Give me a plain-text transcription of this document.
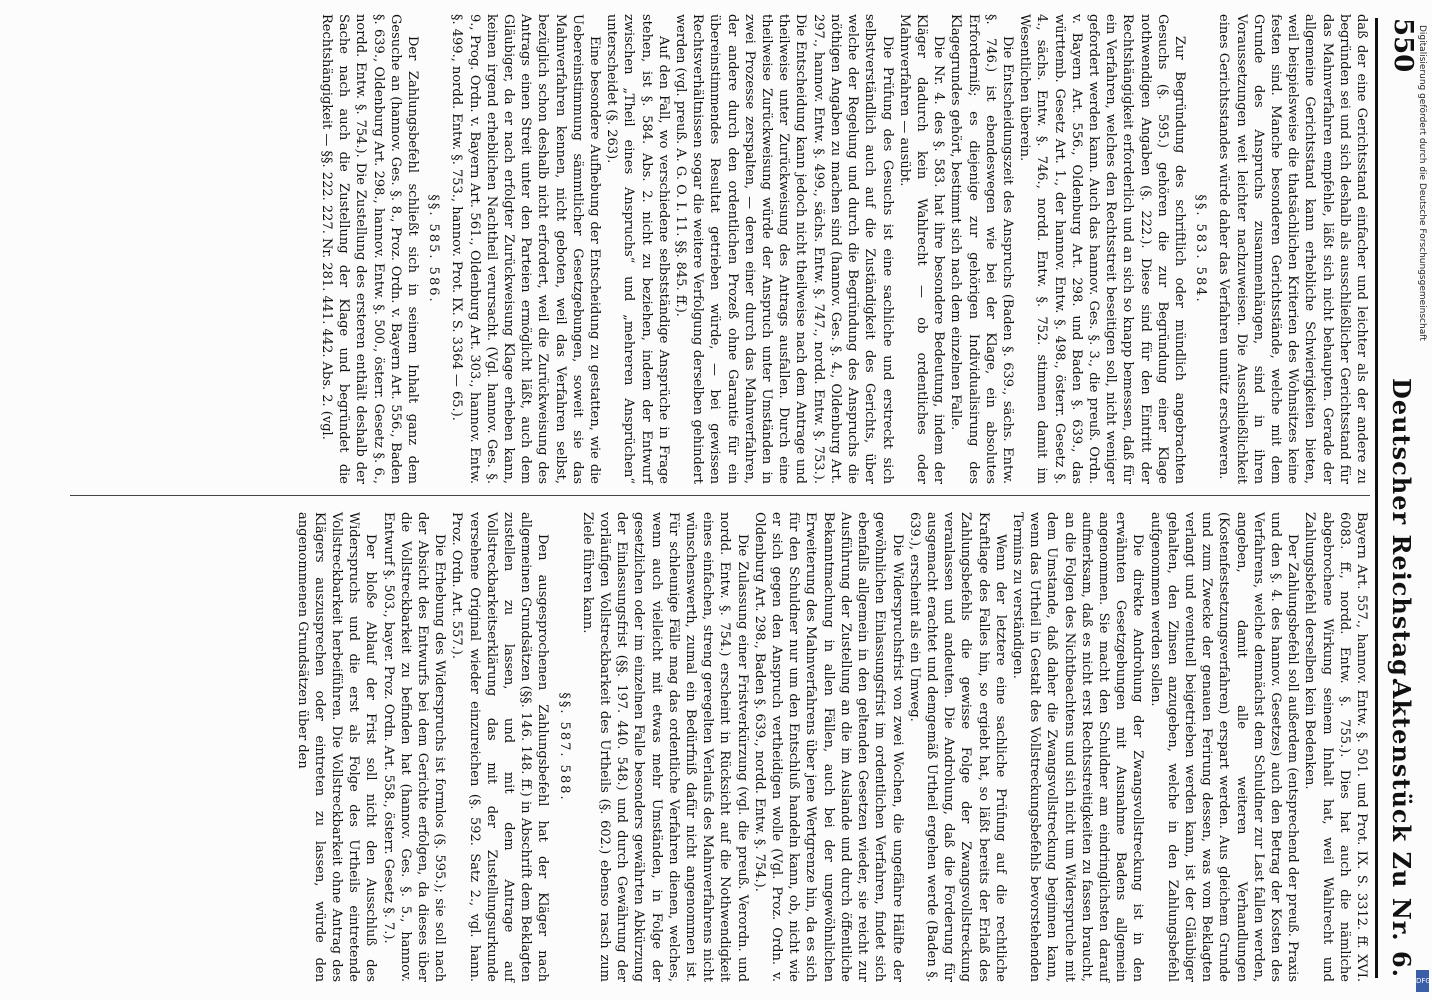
550
Deutscher Reichstag.
Aktenstück Zu Nr. 6.

daß der eine Gerichtsstand einfacher und leichter als der andere zu begründen sei und sich deshalb als ausschließlicher Gerichtsstand für das Mahnverfahren empfehle, läßt sich nicht behaupten. Gerade der allgemeine Gerichtsstand kann erhebliche Schwierigkeiten bieten, weil beispielsweise die thatsächlichen Kriterien des Wohnsitzes keine festen sind. Manche besonderen Gerichtsstände, welche mit dem Grunde des Anspruchs zusammenhängen, sind in ihren Voraussetzungen weit leichter nachzuweisen. Die Ausschließlichkeit eines Gerichtsstandes würde daher das Verfahren unnütz erschweren.

§§. 583. 584.

Zur Begründung des schriftlich oder mündlich angebrachten Gesuchs (§. 595.) gehören die zur Begründung einer Klage nothwendigen Angaben (§. 222.). Diese sind für den Eintritt der Rechtshängigkeit erforderlich und an sich so knapp bemessen, daß für ein Verfahren, welches den Rechtsstreit beseitigen soll, nicht weniger gefordert werden kann. Auch das hannov. Ges. §. 3., die preuß. Ordn. v. Bayern Art. 556., Oldenburg Art. 298. und Baden §. 639., das württemb. Gesetz Art. 1., der hannov. Entw. §. 498., österr. Gesetz §. 4., sächs. Entw. §. 746., nordd. Entw. §. 752. stimmen damit im Wesentlichen überein.

Die Entscheidungszeit des Anspruchs (Baden §. 639., sächs. Entw. §. 746.) ist ebendeswegen wie bei der Klage, ein absolutes Erforderniß; es diejenige zur gehörigen Individualisirung des Klagegrundes gehört, bestimmt sich nach dem einzelnen Falle.

Die Nr. 4. des §. 583. hat ihre besondere Bedeutung, indem der Kläger dadurch kein Wahlrecht — ob ordentliches oder Mahnverfahren — ausübt.

Die Prüfung des Gesuchs ist eine sachliche und erstreckt sich selbstverständlich auch auf die Zuständigkeit des Gerichts, über welche der Regelung und durch die Begründung des Anspruchs die nöthigen Angaben zu machen sind (hannov. Ges. §. 4., Oldenburg Art. 297., hannov. Entw. §. 499., sächs. Entw. §. 747., nordd. Entw. §. 753.). Die Entscheidung kann jedoch nicht theilweise nach dem Antrage und theilweise unter Zurückweisung des Antrags ausfallen. Durch eine theilweise Zurückweisung würde der Anspruch unter Umständen in zwei Prozesse zerspalten, — deren einer durch das Mahnverfahren, der andere durch den ordentlichen Prozeß ohne Garantie für ein übereinstimmendes Resultat getrieben würde, — bei gewissen Rechtsverhältnissen sogar die weitere Verfolgung derselben gehindert werden (vgl. preuß. A. G. O. I. 11. §§. 845. ff.).

Auf den Fall, wo verschiedene selbstständige Ansprüche in Frage stehen, ist §. 584. Abs. 2. nicht zu beziehen, indem der Entwurf zwischen „Theil eines Anspruchs“ und „mehreren Ansprüchen“ unterscheidet (§. 263).

Eine besondere Aufhebung der Entscheidung zu gestatten, wie die Uebereinstimmung sämmtlicher Gesetzgebungen, soweit sie das Mahnverfahren kennen, nicht geboten, weil das Verfahren selbst, bezüglich schon deshalb nicht erfordert, weil die Zurückweisung des Antrags einen Streit unter den Parteien ermöglicht läßt, auch dem Gläubiger, da er nach erfolgter Zurückweisung Klage erheben kann, keinen irgend erheblichen Nachtheil verursacht. (Vgl. hannov. Ges. §. 9., Prog. Ordn. v. Bayern Art. 561., Oldenburg Art. 303., hannov. Entw. §. 499., nordd. Entw. §. 753., hannov. Prot. IX. S. 3364 — 65.).

§§. 585. 586.

Der Zahlungsbefehl schließt sich in seinem Inhalt ganz dem Gesuche an (hannov. Ges. §. 8., Proz. Ordn. v. Bayern Art. 556., Baden §. 639., Oldenburg Art. 298., hannov. Entw. §. 500., österr. Gesetz §. 6., nordd. Entw. §. 754.). Die Zustellung des ersteren enthält deshalb der Sache nach auch die Zustellung der Klage und begründet die Rechtshängigkeit — §§. 222. 227. Nr. 281. 441. 442. Abs. 2. (vgl.

Bayern Art. 557., hannov. Entw. §. 501. und Prot. IX. S. 3312. ff. XVI. 6083. ff., nordd. Entw. §. 755.). Dies hat auch die nämliche abgebrochene Wirkung seinem Inhalt hat, weil Wahlrecht und Zahlungsbefehl derselben kein Bedenken.

Der Zahlungsbefehl soll außerdem (entsprechend der preuß. Praxis und den §. 4. des hannov. Gesetzes) auch den Betrag der Kosten des Verfahrens, welche demnächst dem Schuldner zur Last fallen werden, angeben, damit alle weiteren Verhandlungen (Kostenfestsetzungsverfahren) erspart werden. Aus gleichem Grunde und zum Zwecke der genauen Ferirung dessen, was vom Beklagten verlangt und eventuell beigetrieben werden kann, ist der Gläubiger gehalten, den Zinsen anzugeben, welche in den Zahlungsbefehl aufgenommen werden sollen.

Die direkte Androhung der Zwangsvollstreckung ist in den erwähnten Gesetzgebungen mit Ausnahme Badens allgemein angenommen. Sie macht den Schuldner am eindringlichsten darauf aufmerksam, daß es nicht erst Rechtsstreitigkeiten zu fassen braucht, an die Folgen des Nichtbeachtens und sich nicht um Widerspruche mit dem Umstande, daß daher die Zwangsvollstreckung beginnen kann, wenn das Urtheil in Gestalt des Vollstreckungsbefehls bevorstehenden Termins zu verständigen.

Wenn der letztere eine sachliche Prüfung auf die rechtliche Kraftlage des Falles hin, so ergiebt hat, so läßt bereits der Erlaß des Zahlungsbefehls die gewisse Folge der Zwangsvollstreckung veranlassen und andeuten. Die Androhung, daß die Forderung für ausgemacht erachtet und demgemäß Urtheil ergehen werde (Baden §. 639.), erscheint als ein Umweg.

Die Widerspruchsfrist von zwei Wochen, die ungefähre Hälfte der gewöhnlichen Einlassungsfrist im ordentlichen Verfahren, findet sich ebenfalls allgemein in den geltenden Gesetzen wieder, sie reicht zur Ausführung der Zustellung an die im Auslande und durch öffentliche Bekanntmachung in allen Fällen, auch bei der ungewöhnlichen Erweiterung des Mahnverfahrens über jene Wertgrenze hin, da es sich für den Schuldner nur um den Entschluß handeln kann, ob, nicht wie er sich gegen den Anspruch vertheidigen wolle (Vgl. Proz. Ordn. v. Oldenburg Art. 298., Baden §. 639., nordd. Entw. §. 754.).

Die Zulassung einer Fristverkürzung (vgl. die preuß. Verordn. und nordd. Entw. §. 754.) erscheint in Rücksicht auf die Nothwendigkeit eines einfachen, streng geregelten Verlaufs des Mahnverfahrens nicht wünschenswerth, zumal ein Bedürfniß dafür nicht angenommen ist. Für schleunige Fälle mag das ordentliche Verfahren dienen, welches, wenn auch vielleicht mit etwas mehr Umständen, in Folge der gesetzlichen oder im einzelnen Falle besonders gewährten Abkürzung der Einlassungsfrist (§§. 197. 440. 548.) und durch Gewährung der vorläufigen Vollstreckbarkeit des Urtheils (§. 602.) ebenso rasch zum Ziele führen kann.

§§. 587. 588.

Den ausgesprochenen Zahlungsbefehl hat der Kläger nach allgemeinen Grundsätzen (§§. 146. 148. ff.) in Abschrift dem Beklagten zustellen zu lassen, und mit dem Antrage auf Vollstreckbarkeitserklärung das mit der Zustellungsurkunde versehene Original wieder einzureichen (§. 592. Satz 2., vgl. hann. Proz. Ordn. Art. 557.).

Die Erhebung des Widerspruchs ist formlos (§. 595.); sie soll nach der Absicht des Entwurfs bei dem Gerichte erfolgen, da dieses über die Vollstreckbarkeit zu befinden hat (hannov. Ges. §. 5., hannov. Entwurf §. 503., bayer. Proz. Ordn. Art. 558., österr. Gesetz §. 7.).

Der bloße Ablauf der Frist soll nicht den Ausschluß des Widerspruchs und die erst als Folge des Urtheils eintretende Vollstreckbarkeit herbeiführen. Die Vollstreckbarkeit ohne Antrag des Klägers auszusprechen oder eintreten zu lassen, würde den angenommenen Grundsätzen über den

Digitalisierung gefördert durch die Deutsche Forschungsgemeinschaft
DFG
